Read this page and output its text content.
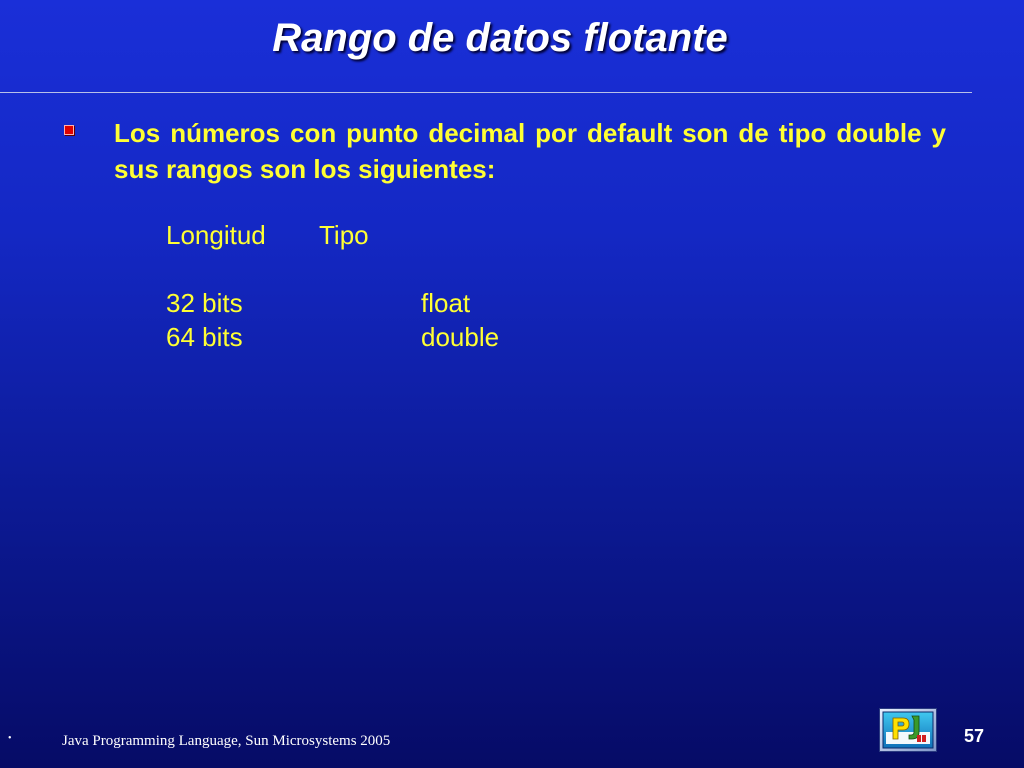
Rango de datos flotante
Los números con punto decimal por default son de tipo double y sus rangos son los siguientes:
Longitud Tipo
32 bits	float
64 bits	double
•	Java Programming Language, Sun Microsystems 2005	57
